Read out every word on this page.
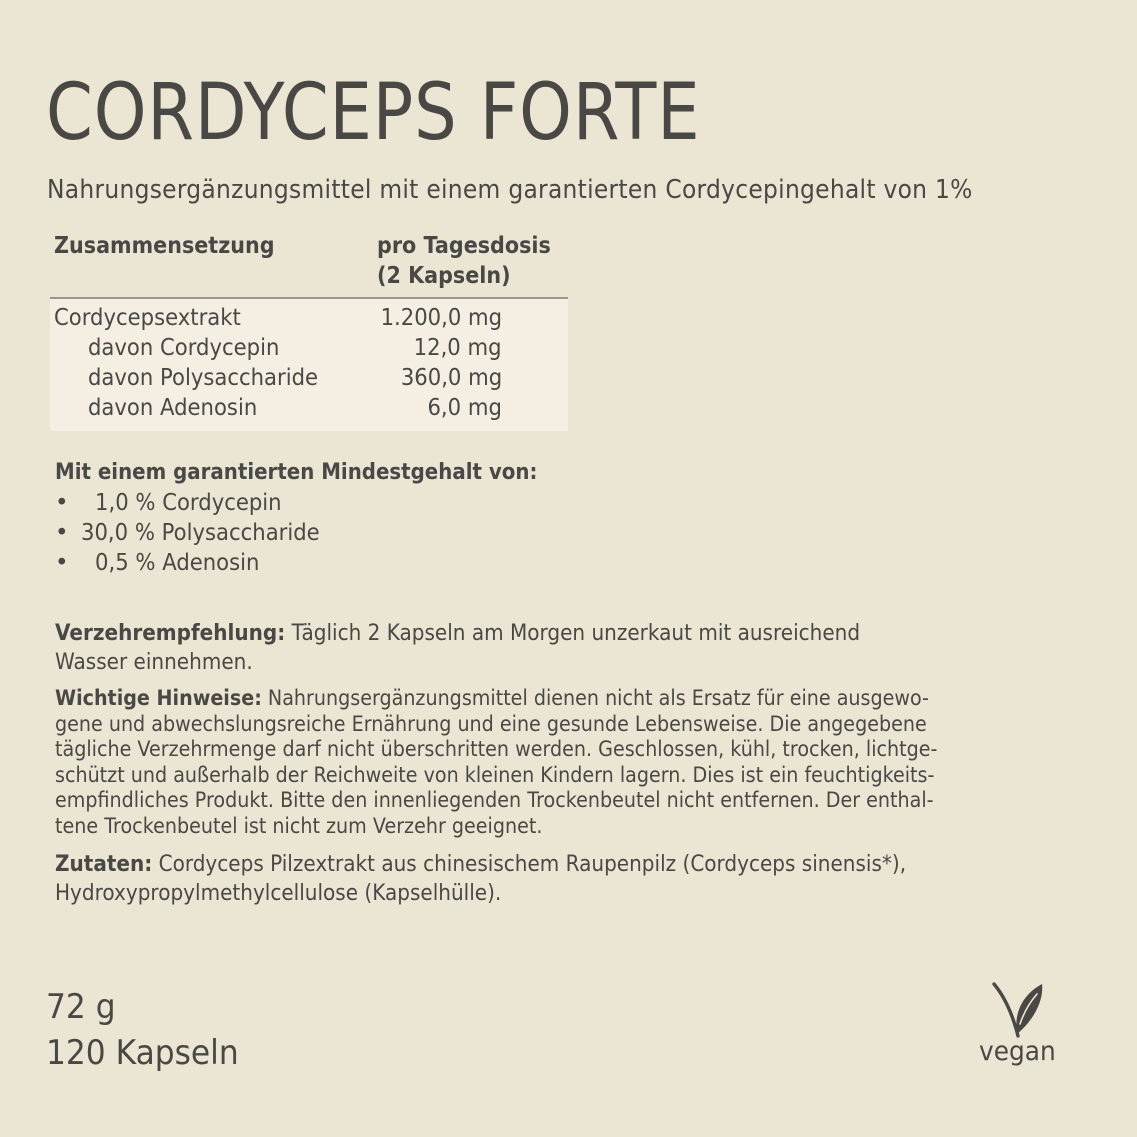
CORDYCEPS FORTE
Nahrungsergänzungsmittel mit einem garantierten Cordycepingehalt von 1%
Zusammensetzung	pro Tagesdosis
(2 Kapseln)
Cordycepsextrakt	1.200,0 mg
davon Cordycepin	12,0 mg
davon Polysaccharide	360,0 mg
davon Adenosin	6,0 mg
Mit einem garantierten Mindestgehalt von:
• 1,0 % Cordycepin
• 30,0 % Polysaccharide
• 0,5 % Adenosin
Verzehrempfehlung: Täglich 2 Kapseln am Morgen unzerkaut mit ausreichend
Wasser einnehmen.
Wichtige Hinweise: Nahrungsergänzungsmittel dienen nicht als Ersatz für eine ausgewo-
gene und abwechslungsreiche Ernährung und eine gesunde Lebensweise. Die angegebene
tägliche Verzehrmenge darf nicht überschritten werden. Geschlossen, kühl, trocken, lichtge-
schützt und außerhalb der Reichweite von kleinen Kindern lagern. Dies ist ein feuchtigkeits-
empfindliches Produkt. Bitte den innenliegenden Trockenbeutel nicht entfernen. Der enthal-
tene Trockenbeutel ist nicht zum Verzehr geeignet.
Zutaten: Cordyceps Pilzextrakt aus chinesischem Raupenpilz (Cordyceps sinensis*),
Hydroxypropylmethylcellulose (Kapselhülle).
72 g
120 Kapseln	vegan
